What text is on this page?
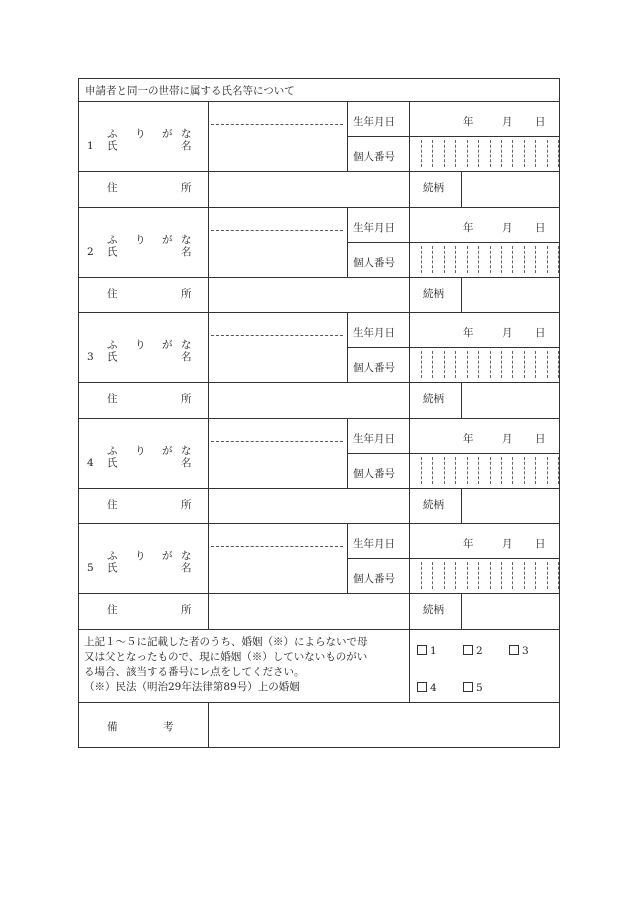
申請者と同一の世帯に属する氏名等について
ふ り が な
1 氏	名
生年月日	年	月 日
個人番号
住	所	続柄
ふ り が な
2 氏	名
生年月日	年	月 日
個人番号
住	所	続柄
ふ り が な
3 氏	名
生年月日	年	月 日
個人番号
住	所	続柄
ふ り が な
4 氏	名
生年月日	年	月 日
個人番号
住	所	続柄
ふ り が な
5 氏	名
生年月日	年	月 日
個人番号
住	所	続柄
上記１～５に記載した者のうち、婚姻（※）によらないで母
又は父となったもので、現に婚姻（※）していないものがい
る場合、該当する番号にレ点をしてください。
（※）民法（明治29年法律第89号）上の婚姻
1	2	3
4	5
備	考
